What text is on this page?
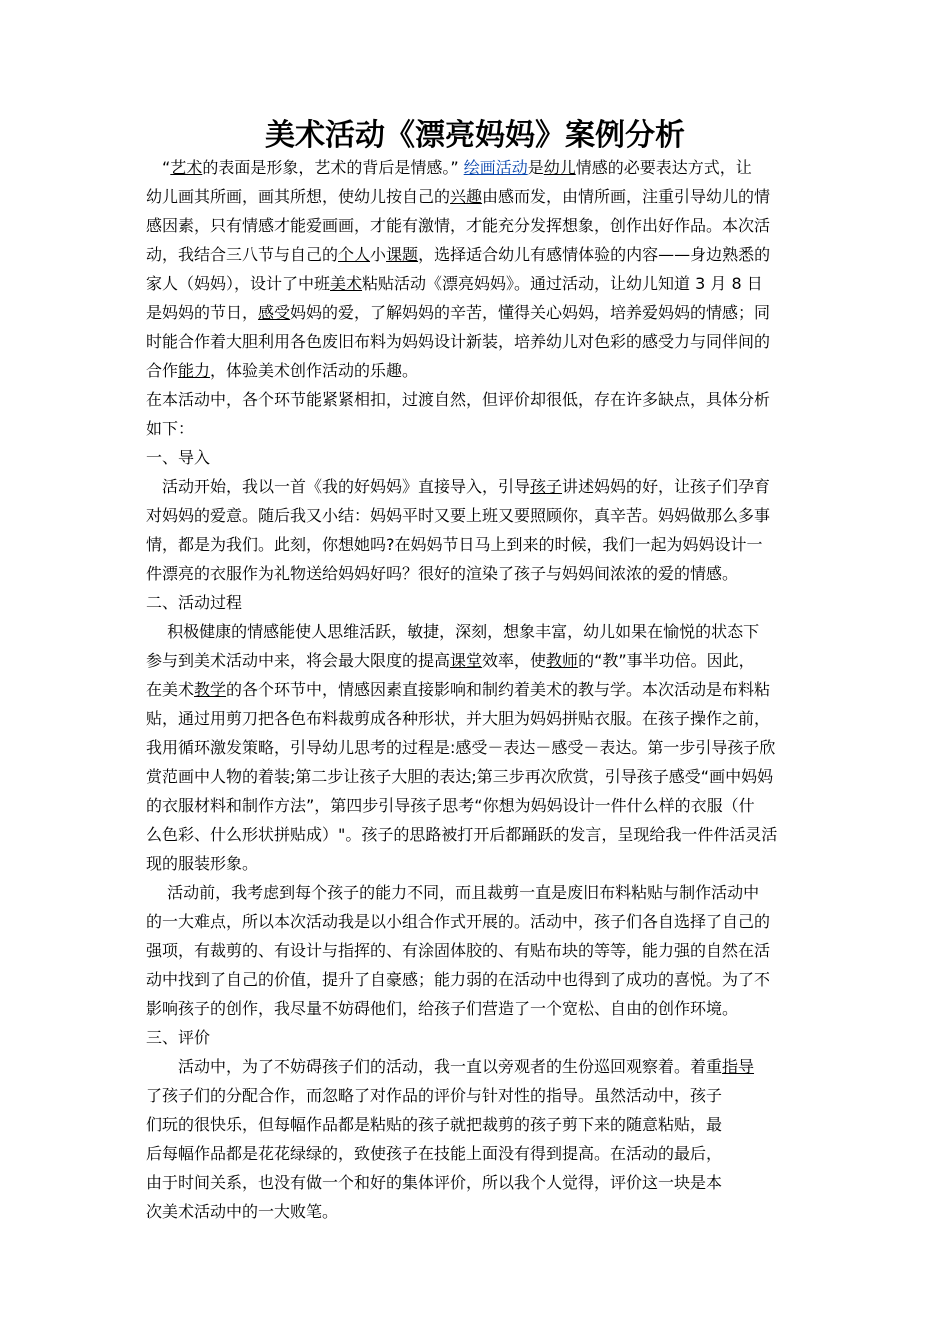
美术活动《漂亮妈妈》案例分析

　“艺术的表面是形象，艺术的背后是情感。” 绘画活动是幼儿情感的必要表达方式，让

幼儿画其所画，画其所想，使幼儿按自己的兴趣由感而发，由情所画，注重引导幼儿的情

感因素，只有情感才能爱画画，才能有激情，才能充分发挥想象，创作出好作品。本次活

动，我结合三八节与自己的个人小课题，选择适合幼儿有感情体验的内容——身边熟悉的

家人（妈妈），设计了中班美术粘贴活动《漂亮妈妈》。通过活动，让幼儿知道 3 月 8 日

是妈妈的节日，感受妈妈的爱，了解妈妈的辛苦，懂得关心妈妈，培养爱妈妈的情感；同

时能合作着大胆利用各色废旧布料为妈妈设计新装，培养幼儿对色彩的感受力与同伴间的

合作能力，体验美术创作活动的乐趣。

在本活动中，各个环节能紧紧相扣，过渡自然，但评价却很低，存在许多缺点，具体分析

如下：

一、导入

　活动开始，我以一首《我的好妈妈》直接导入，引导孩子讲述妈妈的好，让孩子们孕育

对妈妈的爱意。随后我又小结：妈妈平时又要上班又要照顾你，真辛苦。妈妈做那么多事

情，都是为我们。此刻，你想她吗?在妈妈节日马上到来的时候，我们一起为妈妈设计一

件漂亮的衣服作为礼物送给妈妈好吗？很好的渲染了孩子与妈妈间浓浓的爱的情感。

二、活动过程

　 积极健康的情感能使人思维活跃，敏捷，深刻，想象丰富，幼儿如果在愉悦的状态下

参与到美术活动中来，将会最大限度的提高课堂效率，使教师的“教”事半功倍。因此，

在美术教学的各个环节中，情感因素直接影响和制约着美术的教与学。本次活动是布料粘

贴，通过用剪刀把各色布料裁剪成各种形状，并大胆为妈妈拼贴衣服。在孩子操作之前，

我用循环激发策略，引导幼儿思考的过程是:感受－表达－感受－表达。第一步引导孩子欣

赏范画中人物的着装;第二步让孩子大胆的表达;第三步再次欣赏，引导孩子感受“画中妈妈

的衣服材料和制作方法”，第四步引导孩子思考“你想为妈妈设计一件什么样的衣服（什

么色彩、什么形状拼贴成）"。孩子的思路被打开后都踊跃的发言，呈现给我一件件活灵活

现的服装形象。

　 活动前，我考虑到每个孩子的能力不同，而且裁剪一直是废旧布料粘贴与制作活动中

的一大难点，所以本次活动我是以小组合作式开展的。活动中，孩子们各自选择了自己的

强项，有裁剪的、有设计与指挥的、有涂固体胶的、有贴布块的等等，能力强的自然在活

动中找到了自己的价值，提升了自豪感；能力弱的在活动中也得到了成功的喜悦。为了不

影响孩子的创作，我尽量不妨碍他们，给孩子们营造了一个宽松、自由的创作环境。

三、评价

　　活动中，为了不妨碍孩子们的活动，我一直以旁观者的生份巡回观察着。着重指导

了孩子们的分配合作，而忽略了对作品的评价与针对性的指导。虽然活动中，孩子

们玩的很快乐，但每幅作品都是粘贴的孩子就把裁剪的孩子剪下来的随意粘贴，最

后每幅作品都是花花绿绿的，致使孩子在技能上面没有得到提高。在活动的最后，

由于时间关系，也没有做一个和好的集体评价，所以我个人觉得，评价这一块是本

次美术活动中的一大败笔。
